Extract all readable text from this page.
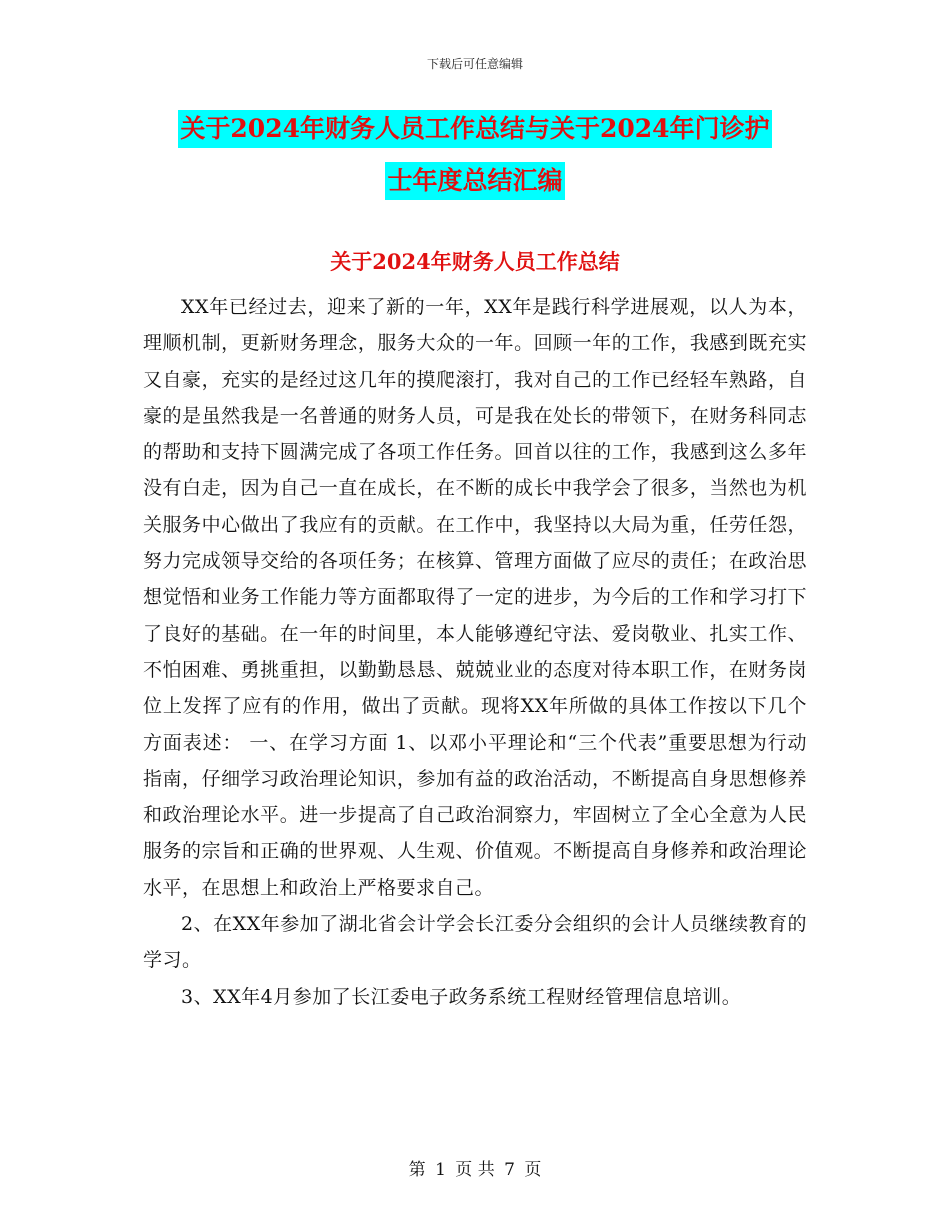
下载后可任意编辑
关于2024年财务人员工作总结与关于2024年门诊护
士年度总结汇编
关于2024年财务人员工作总结

XX年已经过去，迎来了新的一年，XX年是践行科学进展观，以人为本，理顺机制，更新财务理念，服务大众的一年。回顾一年的工作，我感到既充实又自豪，充实的是经过这几年的摸爬滚打，我对自己的工作已经轻车熟路，自豪的是虽然我是一名普通的财务人员，可是我在处长的带领下，在财务科同志的帮助和支持下圆满完成了各项工作任务。回首以往的工作，我感到这么多年没有白走，因为自己一直在成长，在不断的成长中我学会了很多，当然也为机关服务中心做出了我应有的贡献。在工作中，我坚持以大局为重，任劳任怨，努力完成领导交给的各项任务；在核算、管理方面做了应尽的责任；在政治思想觉悟和业务工作能力等方面都取得了一定的进步，为今后的工作和学习打下了良好的基础。在一年的时间里，本人能够遵纪守法、爱岗敬业、扎实工作、不怕困难、勇挑重担，以勤勤恳恳、兢兢业业的态度对待本职工作，在财务岗位上发挥了应有的作用，做出了贡献。现将XX年所做的具体工作按以下几个方面表述： 一、在学习方面 1、以邓小平理论和“三个代表”重要思想为行动指南，仔细学习政治理论知识，参加有益的政治活动，不断提高自身思想修养和政治理论水平。进一步提高了自己政治洞察力，牢固树立了全心全意为人民服务的宗旨和正确的世界观、人生观、价值观。不断提高自身修养和政治理论水平，在思想上和政治上严格要求自己。

2、在XX年参加了湖北省会计学会长江委分会组织的会计人员继续教育的学习。

3、XX年4月参加了长江委电子政务系统工程财经管理信息培训。

第 1 页 共 7 页
